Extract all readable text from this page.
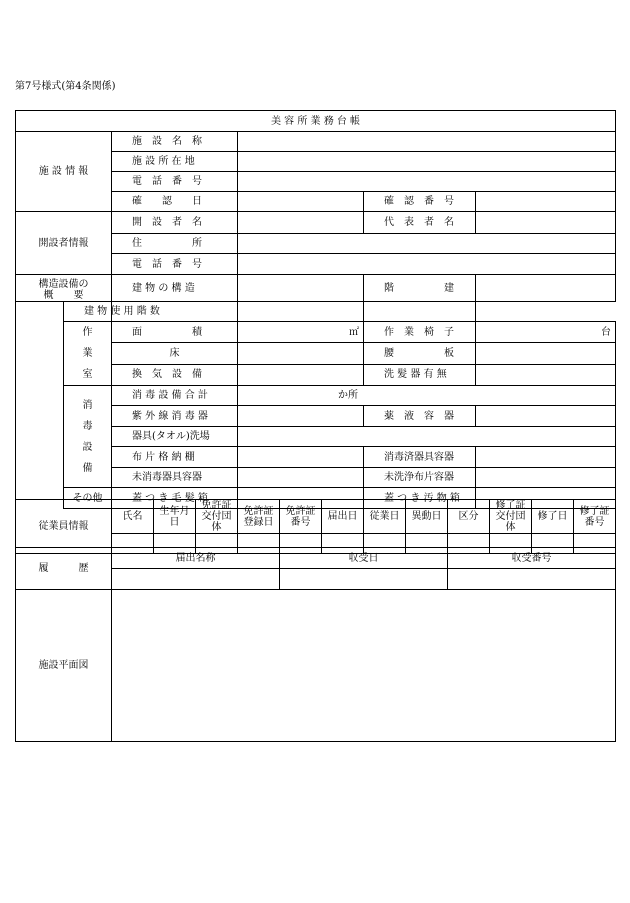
第7号様式(第4条関係)
美 容 所 業 務 台 帳					
施 設 情 報		施　設　名　称			
		施 設 所 在 地			
		電　話　番　号			
		確　　認　　日		確　認　番　号	
開設者情報		開　設　者　名		代　表　者　名	
		住　　　　　所			
		電　話　番　号			

構造設備の
概　　要		建 物 の 構 造		階　　　　　建	
	建 物 使 用 階 数				

	作
業
室	面　　　　　積	㎡	作　業　椅　子	台
		床		腰　　　　　板	
		換　気　設　備		洗 髪 器 有 無	

	消
毒
設
備	消 毒 設 備 合 計	か所		
		紫 外 線 消 毒 器		薬　液　容　器	
		器具(タオル)洗場			
		布 片 格 納 棚		消毒済器具容器	
		未消毒器具容器		未洗浄布片容器	
	その他	蓋 つ き 毛 髪 箱		蓋 つ き 汚 物 箱	
従業員情報	氏名	生年月日	免許証交付団体	免許証登録日	免許証番号	届出日	従業日	異動日	区分	修了証交付団体	修了日	修了証番号

履　　　歴	届出名称	収受日	収受番号

施設平面図			
